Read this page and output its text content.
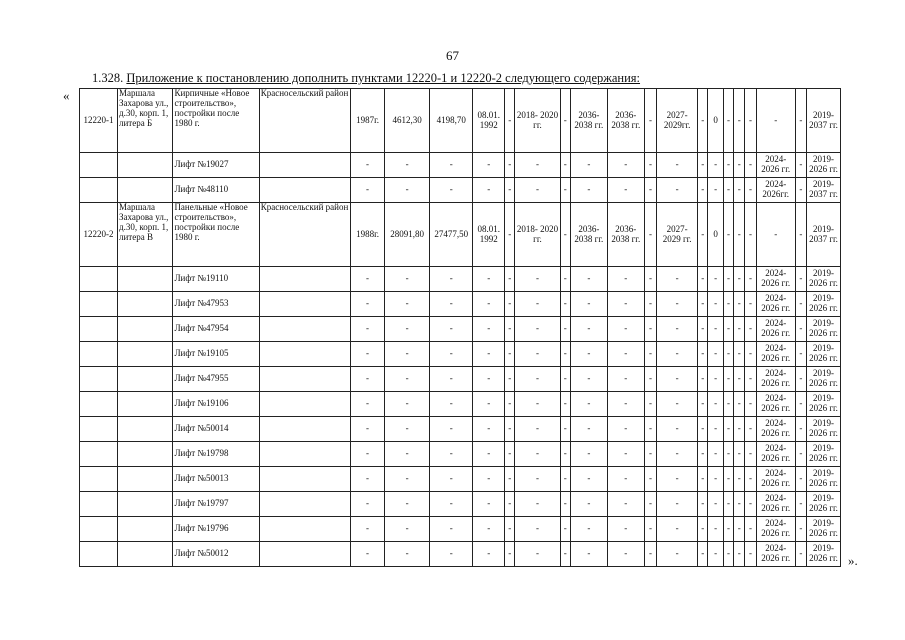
67
1.328. Приложение к постановлению дополнить пунктами 12220-1 и 12220-2 следующего содержания:
«
».
12220-1	Маршала Захарова ул., д.30, корп. 1, литера Б	Кирпичные «Новое строительство», постройки после 1980 г.	Красносельский район	1987г.	4612,30	4198,70	08.01. 1992	-	2018- 2020 гг.	-	2036- 2038 гг.	2036- 2038 гг.	-	2027- 2029гг.	-	0	-	-	-	-	-	2019- 2037 гг.
		Лифт №19027		-	-	-	-	-	-	-	-	-	-	-	-	-	-	-	-	2024- 2026 гг.	-	2019- 2026 гг.
		Лифт №48110		-	-	-	-	-	-	-	-	-	-	-	-	-	-	-	-	2024- 2026гг.	-	2019- 2037 гг.
12220-2	Маршала Захарова ул., д.30, корп. 1, литера В	Панельные «Новое строительство», постройки после 1980 г.	Красносельский район	1988г.	28091,80	27477,50	08.01. 1992	-	2018- 2020 гг.	-	2036- 2038 гг.	2036- 2038 гг.	-	2027- 2029 гг.	-	0	-	-	-	-	-	2019- 2037 гг.
		Лифт №19110		-	-	-	-	-	-	-	-	-	-	-	-	-	-	-	-	2024- 2026 гг.	-	2019- 2026 гг.
		Лифт №47953		-	-	-	-	-	-	-	-	-	-	-	-	-	-	-	-	2024- 2026 гг.	-	2019- 2026 гг.
		Лифт №47954		-	-	-	-	-	-	-	-	-	-	-	-	-	-	-	-	2024- 2026 гг.	-	2019- 2026 гг.
		Лифт №19105		-	-	-	-	-	-	-	-	-	-	-	-	-	-	-	-	2024- 2026 гг.	-	2019- 2026 гг.
		Лифт №47955		-	-	-	-	-	-	-	-	-	-	-	-	-	-	-	-	2024- 2026 гг.	-	2019- 2026 гг.
		Лифт №19106		-	-	-	-	-	-	-	-	-	-	-	-	-	-	-	-	2024- 2026 гг.	-	2019- 2026 гг.
		Лифт №50014		-	-	-	-	-	-	-	-	-	-	-	-	-	-	-	-	2024- 2026 гг.	-	2019- 2026 гг.
		Лифт №19798		-	-	-	-	-	-	-	-	-	-	-	-	-	-	-	-	2024- 2026 гг.	-	2019- 2026 гг.
		Лифт №50013		-	-	-	-	-	-	-	-	-	-	-	-	-	-	-	-	2024- 2026 гг.	-	2019- 2026 гг.
		Лифт №19797		-	-	-	-	-	-	-	-	-	-	-	-	-	-	-	-	2024- 2026 гг.	-	2019- 2026 гг.
		Лифт №19796		-	-	-	-	-	-	-	-	-	-	-	-	-	-	-	-	2024- 2026 гг.	-	2019- 2026 гг.
		Лифт №50012		-	-	-	-	-	-	-	-	-	-	-	-	-	-	-	-	2024- 2026 гг.	-	2019- 2026 гг.
